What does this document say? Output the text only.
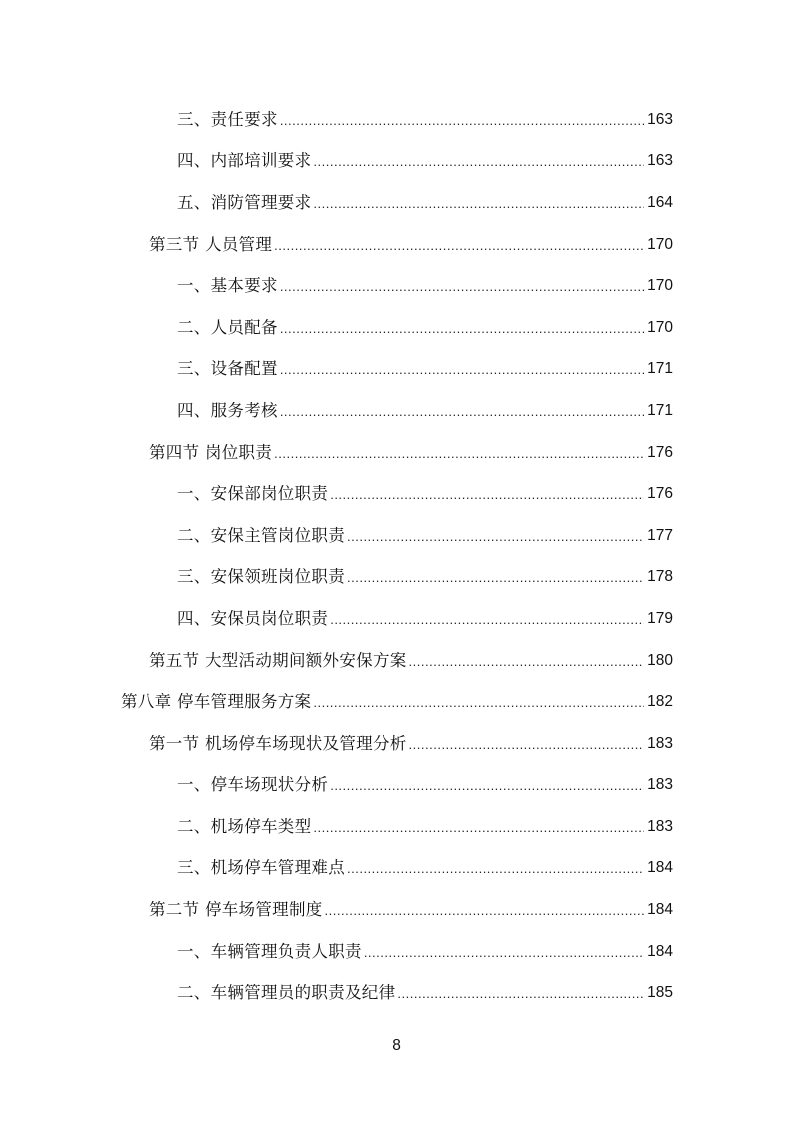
三、责任要求 .....	163
四、内部培训要求 .....	163
五、消防管理要求 .....	164
第三节 人员管理 .....	170
一、基本要求 .....	170
二、人员配备 .....	170
三、设备配置 .....	171
四、服务考核 .....	171
第四节 岗位职责 .....	176
一、安保部岗位职责 .....	176
二、安保主管岗位职责 .....	177
三、安保领班岗位职责 .....	178
四、安保员岗位职责 .....	179
第五节 大型活动期间额外安保方案 .....	180
第八章 停车管理服务方案 .....	182
第一节 机场停车场现状及管理分析 .....	183
一、停车场现状分析 .....	183
二、机场停车类型 .....	183
三、机场停车管理难点 .....	184
第二节 停车场管理制度 .....	184
一、车辆管理负责人职责 .....	184
二、车辆管理员的职责及纪律 .....	185
8
